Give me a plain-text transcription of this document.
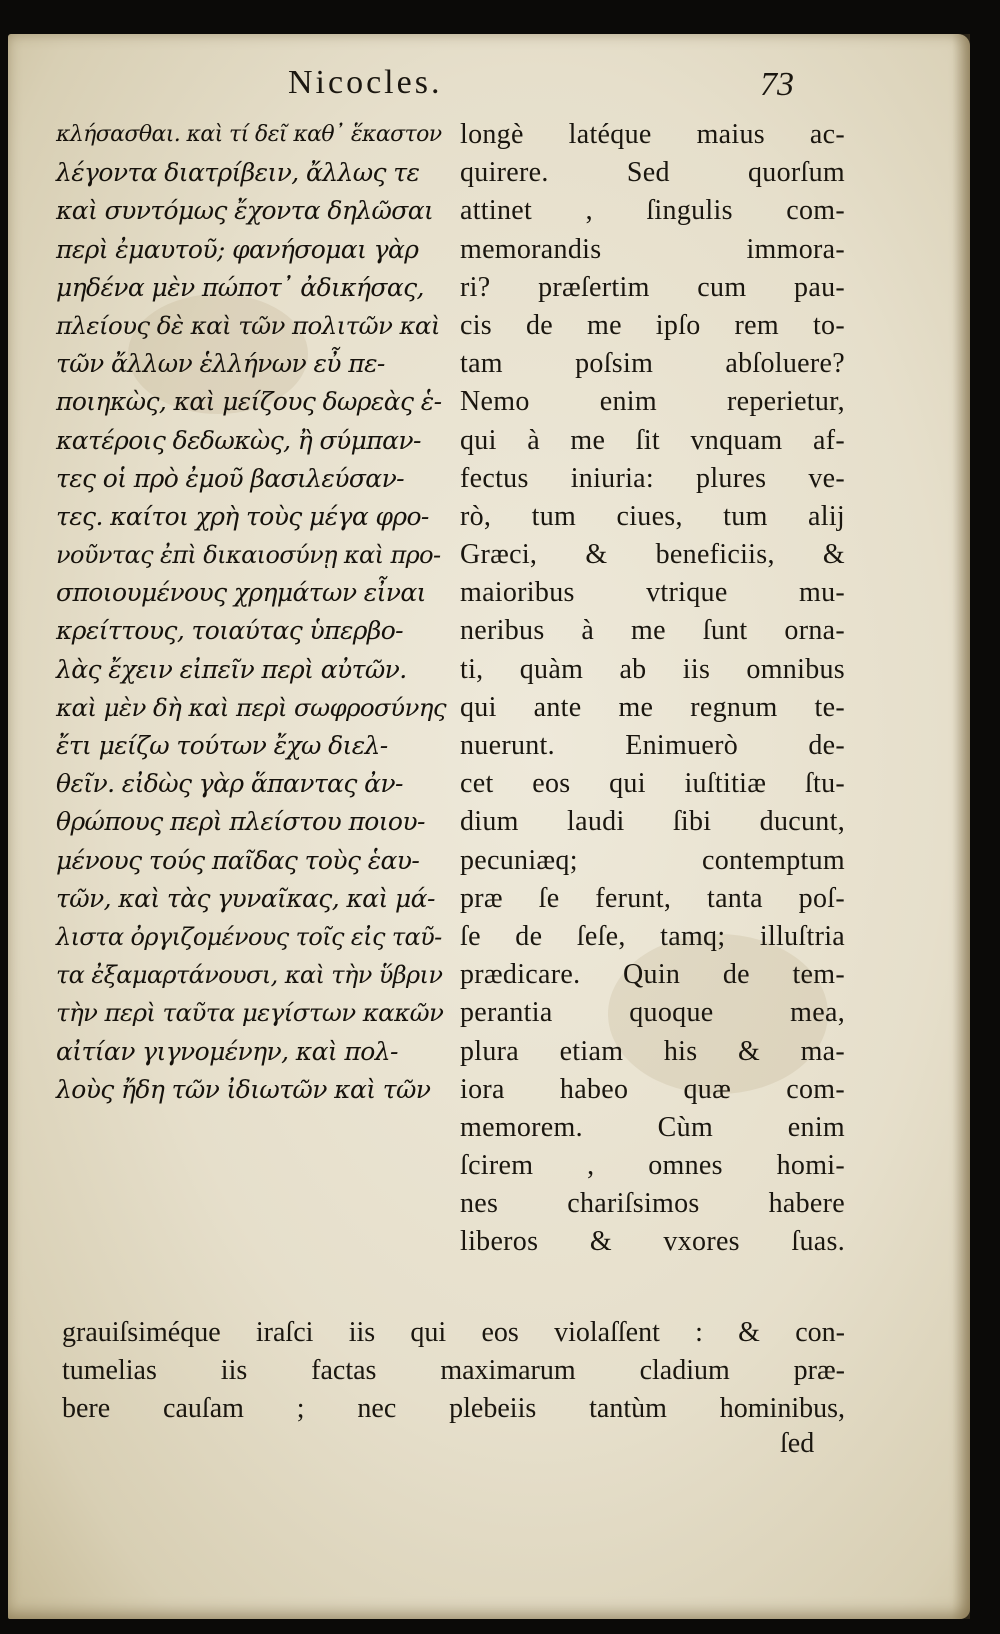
Nicocles.	73
κλήσασθαι. καὶ τί δεῖ καθ᾽ ἕκαστον
λέγοντα διατρίβειν, ἄλλως τε
καὶ συντόμως ἔχοντα δηλῶσαι
περὶ ἐμαυτοῦ; φανήσομαι γὰρ
μηδένα μὲν πώποτ᾽ ἀδικήσας,
πλείους δὲ καὶ τῶν πολιτῶν καὶ
τῶν ἄλλων ἑλλήνων εὖ πε-
ποιηκὼς, καὶ μείζους δωρεὰς ἑ-
κατέροις δεδωκὼς, ἢ σύμπαν-
τες οἱ πρὸ ἐμοῦ βασιλεύσαν-
τες. καίτοι χρὴ τοὺς μέγα φρο-
νοῦντας ἐπὶ δικαιοσύνῃ καὶ προ-
σποιουμένους χρημάτων εἶναι
κρείττους, τοιαύτας ὑπερβο-
λὰς ἔχειν εἰπεῖν περὶ αὐτῶν.
καὶ μὲν δὴ καὶ περὶ σωφροσύνης
ἔτι μείζω τούτων ἔχω διελ-
θεῖν. εἰδὼς γὰρ ἅπαντας ἀν-
θρώπους περὶ πλείστου ποιου-
μένους τούς παῖδας τοὺς ἑαυ-
τῶν, καὶ τὰς γυναῖκας, καὶ μά-
λιστα ὀργιζομένους τοῖς εἰς ταῦ-
τα ἐξαμαρτάνουσι, καὶ τὴν ὕβριν
τὴν περὶ ταῦτα μεγίστων κακῶν
αἰτίαν γιγνομένην, καὶ πολ-
λοὺς ἤδη τῶν ἰδιωτῶν καὶ τῶν
longè latéque maius ac-
quirere. Sed quorſum
attinet , ſingulis com-
memorandis immora-
ri? præſertim cum pau-
cis de me ipſo rem to-
tam poſsim abſoluere?
Nemo enim reperietur,
qui à me ſit vnquam af-
fectus iniuria: plures ve-
rò, tum ciues, tum alij
Græci, & beneficiis, &
maioribus vtrique mu-
neribus à me ſunt orna-
ti, quàm ab iis omnibus
qui ante me regnum te-
nuerunt. Enimuerò de-
cet eos qui iuſtitiæ ſtu-
dium laudi ſibi ducunt,
pecuniæq; contemptum
præ ſe ferunt, tanta poſ-
ſe de ſeſe, tamq; illuſtria
prædicare. Quin de tem-
perantia quoque mea,
plura etiam his & ma-
iora habeo quæ com-
memorem. Cùm enim
ſcirem , omnes homi-
nes chariſsimos habere
liberos & vxores ſuas.
grauiſsiméque iraſci iis qui eos violaſſent : & con-
tumelias iis factas maximarum cladium præ-
bere cauſam ; nec plebeiis tantùm hominibus,
ſed
